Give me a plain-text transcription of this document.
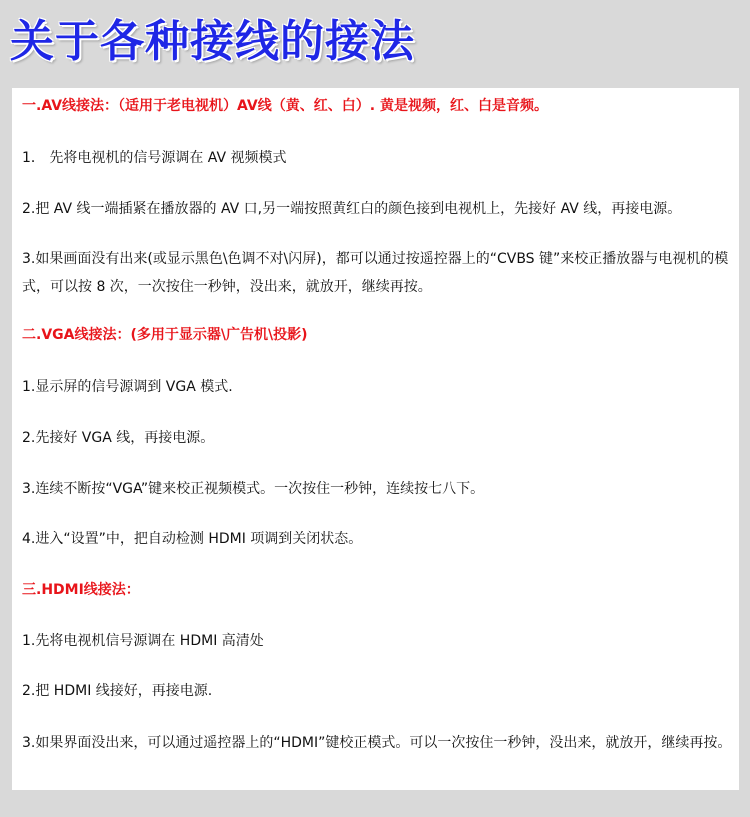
关于各种接线的接法
一.AV线接法：（适用于老电视机）AV线（黄、红、白）. 黄是视频，红、白是音频。
1． 先将电视机的信号源调在 AV 视频模式
2.把 AV 线一端插紧在播放器的 AV 口,另一端按照黄红白的颜色接到电视机上，先接好 AV 线，再接电源。
3.如果画面没有出来(或显示黑色\色调不对\闪屏)，都可以通过按遥控器上的“CVBS 键”来校正播放器与电视机的模式，可以按 8 次，一次按住一秒钟，没出来，就放开，继续再按。
二.VGA线接法：(多用于显示器\广告机\投影)
1.显示屏的信号源调到 VGA 模式.
2.先接好 VGA 线，再接电源。
3.连续不断按“VGA”键来校正视频模式。一次按住一秒钟，连续按七八下。
4.进入“设置”中，把自动检测 HDMI 项调到关闭状态。
三.HDMI线接法：
1.先将电视机信号源调在 HDMI 高清处
2.把 HDMI 线接好，再接电源.
3.如果界面没出来，可以通过遥控器上的“HDMI”键校正模式。可以一次按住一秒钟，没出来，就放开，继续再按。
